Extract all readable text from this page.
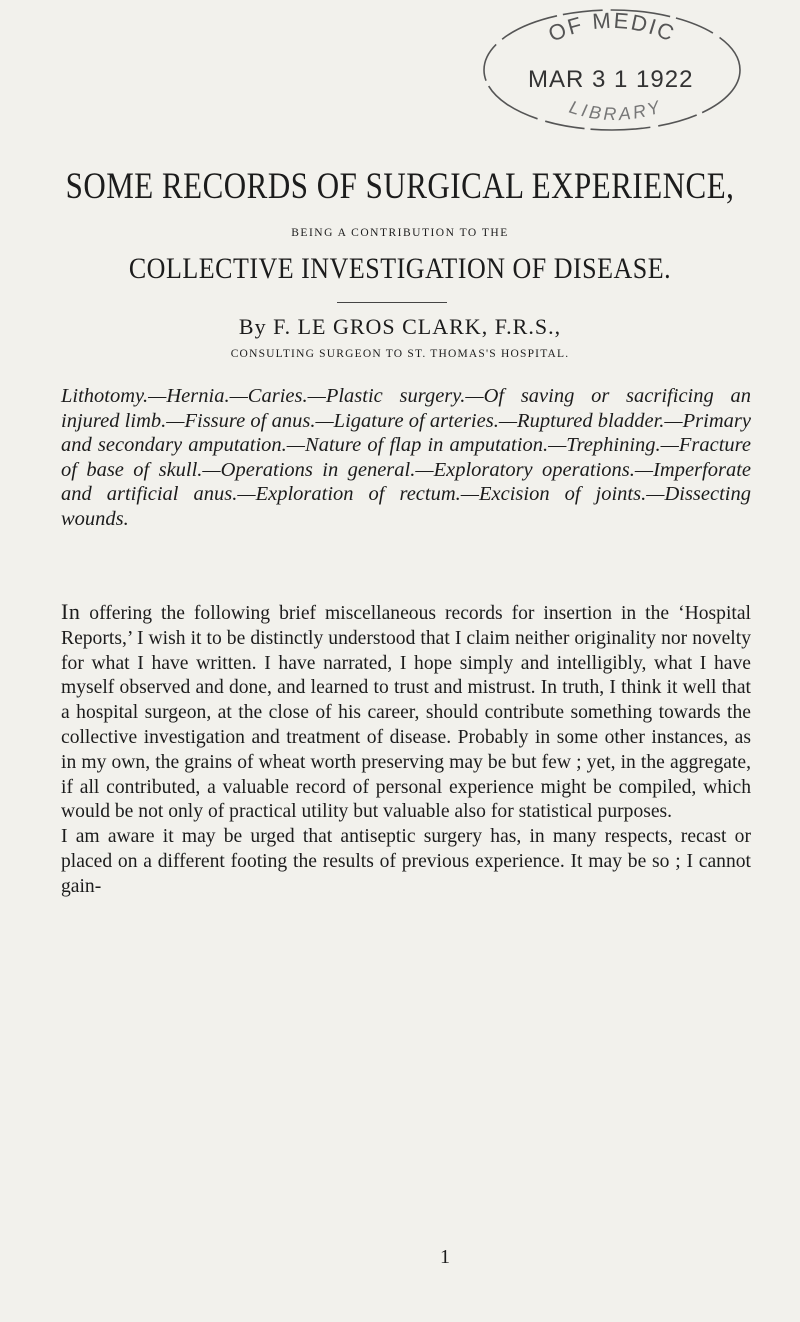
OF MEDIC
LIBRARY
MAR 3 1 1922
SOME RECORDS OF SURGICAL EXPERIENCE,
BEING A CONTRIBUTION TO THE
COLLECTIVE INVESTIGATION OF DISEASE.
By F. LE GROS CLARK, F.R.S.,
CONSULTING SURGEON TO ST. THOMAS'S HOSPITAL.
Lithotomy.—Hernia.—Caries.—Plastic surgery.—Of saving or sacrificing an injured limb.—Fissure of anus.—Ligature of arteries.—Ruptured bladder.—Primary and secondary amputation.—Nature of flap in amputation.—Trephining.—Fracture of base of skull.—Operations in general.—Exploratory operations.—Imperforate and artificial anus.—Exploration of rectum.—Excision of joints.—Dissecting wounds.

In offering the following brief miscellaneous records for insertion in the ‘Hospital Reports,’ I wish it to be distinctly understood that I claim neither originality nor novelty for what I have written. I have narrated, I hope simply and intelligibly, what I have myself observed and done, and learned to trust and mistrust. In truth, I think it well that a hospital surgeon, at the close of his career, should contribute something towards the collective investigation and treatment of disease. Probably in some other instances, as in my own, the grains of wheat worth preserving may be but few ; yet, in the aggregate, if all contributed, a valuable record of personal experience might be compiled, which would be not only of practical utility but valuable also for statistical purposes.

I am aware it may be urged that antiseptic surgery has, in many respects, recast or placed on a different footing the results of previous experience. It may be so ; I cannot gain-

1
